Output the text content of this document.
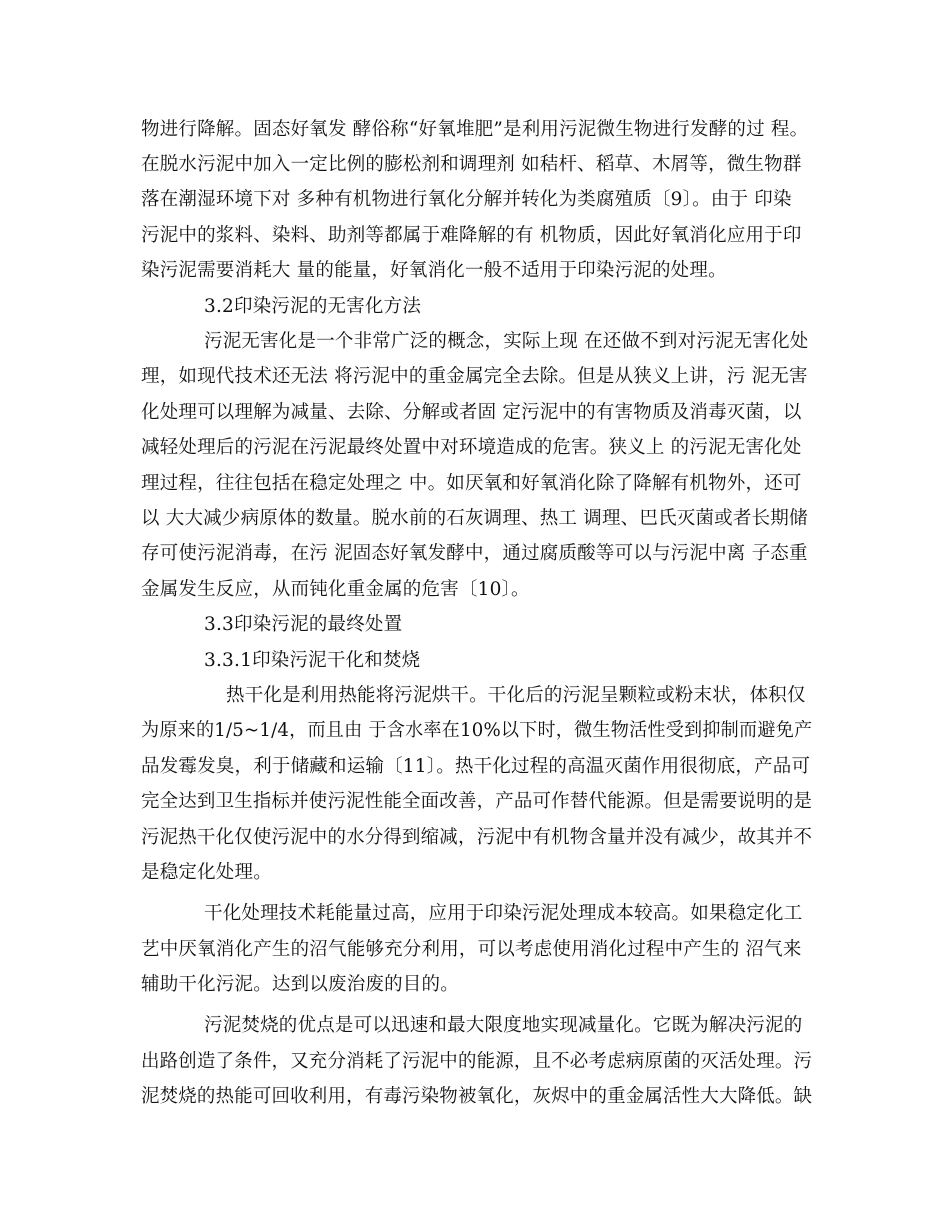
物进行降解。固态好氧发 酵俗称“好氧堆肥”是利用污泥微生物进行发酵的过 程。
在脱水污泥中加入一定比例的膨松剂和调理剂 如秸杆、稻草、木屑等，微生物群
落在潮湿环境下对 多种有机物进行氧化分解并转化为类腐殖质〔9〕。由于 印染
污泥中的浆料、染料、助剂等都属于难降解的有 机物质，因此好氧消化应用于印
染污泥需要消耗大 量的能量，好氧消化一般不适用于印染污泥的处理。
3.2印染污泥的无害化方法
污泥无害化是一个非常广泛的概念，实际上现 在还做不到对污泥无害化处
理，如现代技术还无法 将污泥中的重金属完全去除。但是从狭义上讲，污 泥无害
化处理可以理解为减量、去除、分解或者固 定污泥中的有害物质及消毒灭菌，以
减轻处理后的污泥在污泥最终处置中对环境造成的危害。狭义上 的污泥无害化处
理过程，往往包括在稳定处理之 中。如厌氧和好氧消化除了降解有机物外，还可
以 大大减少病原体的数量。脱水前的石灰调理、热工 调理、巴氏灭菌或者长期储
存可使污泥消毒，在污 泥固态好氧发酵中，通过腐质酸等可以与污泥中离 子态重
金属发生反应，从而钝化重金属的危害〔10〕。
3.3印染污泥的最终处置
3.3.1印染污泥干化和焚烧
热干化是利用热能将污泥烘干。干化后的污泥呈颗粒或粉末状，体积仅
为原来的1/5~1/4，而且由 于含水率在10%以下时，微生物活性受到抑制而避免产
品发霉发臭，利于储藏和运输〔11〕。热干化过程的高温灭菌作用很彻底，产品可
完全达到卫生指标并使污泥性能全面改善，产品可作替代能源。但是需要说明的是
污泥热干化仅使污泥中的水分得到缩减，污泥中有机物含量并没有减少，故其并不
是稳定化处理。
干化处理技术耗能量过高，应用于印染污泥处理成本较高。如果稳定化工
艺中厌氧消化产生的沼气能够充分利用，可以考虑使用消化过程中产生的 沼气来
辅助干化污泥。达到以废治废的目的。
污泥焚烧的优点是可以迅速和最大限度地实现减量化。它既为解决污泥的
出路创造了条件，又充分消耗了污泥中的能源，且不必考虑病原菌的灭活处理。污
泥焚烧的热能可回收利用，有毒污染物被氧化，灰烬中的重金属活性大大降低。缺
